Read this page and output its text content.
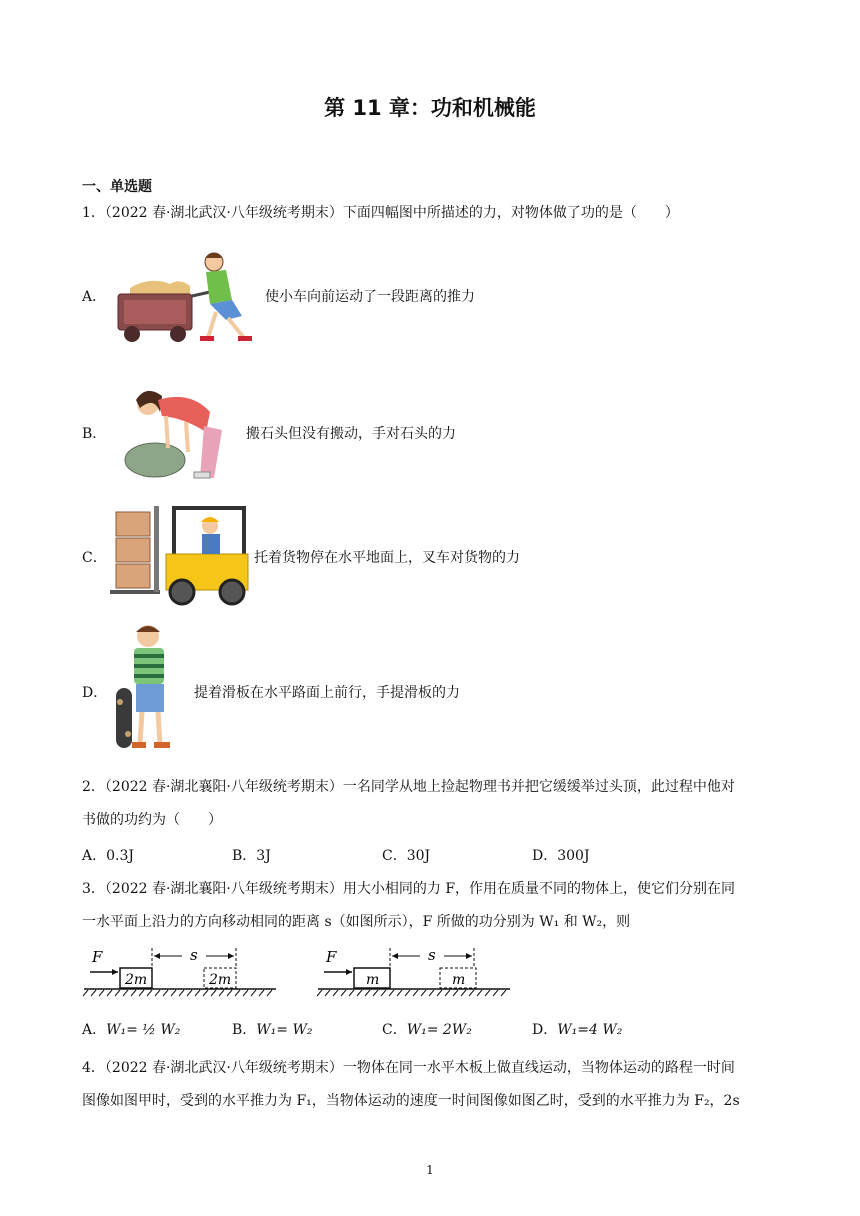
第 11 章：功和机械能
一、单选题
1．（2022 春·湖北武汉·八年级统考期末）下面四幅图中所描述的力，对物体做了功的是（　　）
A．	使小车向前运动了一段距离的推力
B．	搬石头但没有搬动，手对石头的力
C．	托着货物停在水平地面上，叉车对货物的力
D．	提着滑板在水平路面上前行，手提滑板的力
2．（2022 春·湖北襄阳·八年级统考期末）一名同学从地上捡起物理书并把它缓缓举过头顶，此过程中他对
书做的功约为（　　）
A．0.3J	B．3J	C．30J	D．300J
3．（2022 春·湖北襄阳·八年级统考期末）用大小相同的力 F，作用在质量不同的物体上，使它们分别在同
一水平面上沿力的方向移动相同的距离 s（如图所示），F 所做的功分别为 W₁ 和 W₂，则
F
2m
s
2m
F
m
s
m
A．W₁= ½ W₂	B．W₁= W₂	C．W₁= 2W₂	D．W₁=4 W₂
4．（2022 春·湖北武汉·八年级统考期末）一物体在同一水平木板上做直线运动，当物体运动的路程一时间
图像如图甲时，受到的水平推力为 F₁，当物体运动的速度一时间图像如图乙时，受到的水平推力为 F₂，2s
1
